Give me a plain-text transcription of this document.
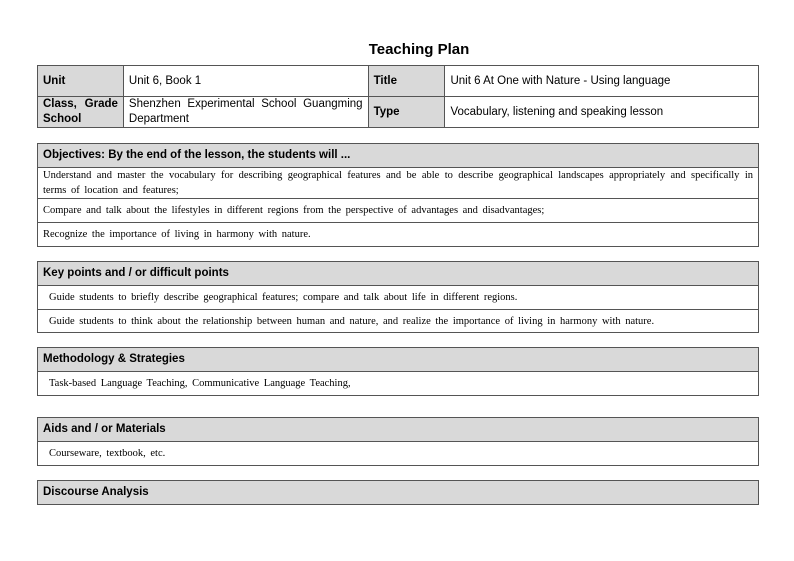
Teaching Plan
Unit	Unit 6, Book 1	Title	Unit 6 At One with Nature - Using language
Class, Grade School	Shenzhen Experimental School Guangming Department	Type	Vocabulary, listening and speaking lesson
Objectives: By the end of the lesson, the students will ...
Understand and master the vocabulary for describing geographical features and be able to describe geographical landscapes appropriately and specifically in terms of location and features;
Compare and talk about the lifestyles in different regions from the perspective of advantages and disadvantages;
Recognize the importance of living in harmony with nature.
Key points and / or difficult points
Guide students to briefly describe geographical features; compare and talk about life in different regions.
Guide students to think about the relationship between human and nature, and realize the importance of living in harmony with nature.
Methodology & Strategies
Task-based Language Teaching, Communicative Language Teaching,
Aids and / or Materials
Courseware, textbook, etc.
Discourse Analysis
